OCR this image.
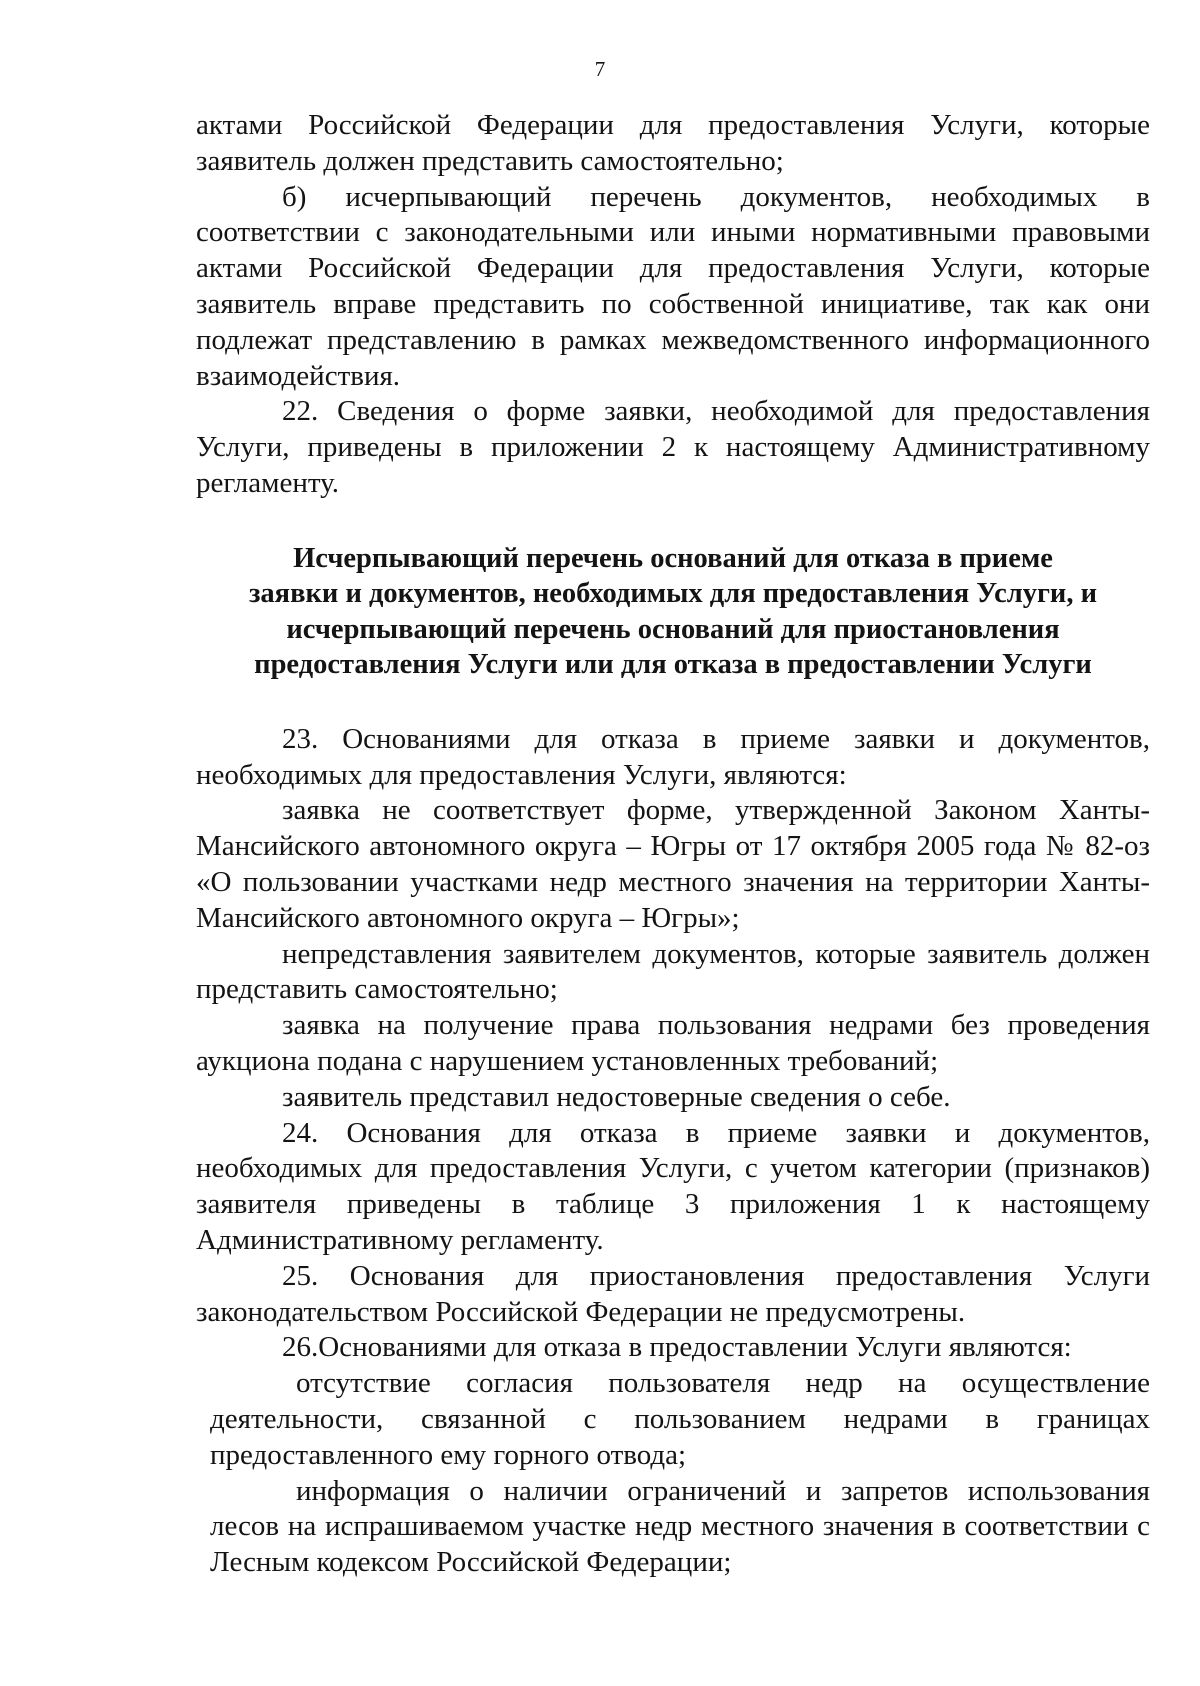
7

актами Российской Федерации для предоставления Услуги, которые заявитель должен представить самостоятельно;

б) исчерпывающий перечень документов, необходимых в соответствии с законодательными или иными нормативными правовыми актами Российской Федерации для предоставления Услуги, которые заявитель вправе представить по собственной инициативе, так как они подлежат представлению в рамках межведомственного информационного взаимодействия.

22. Сведения о форме заявки, необходимой для предоставления Услуги, приведены в приложении 2 к настоящему Административному регламенту.

Исчерпывающий перечень оснований для отказа в приеме
заявки и документов, необходимых для предоставления Услуги, и
исчерпывающий перечень оснований для приостановления
предоставления Услуги или для отказа в предоставлении Услуги

23. Основаниями для отказа в приеме заявки и документов, необходимых для предоставления Услуги, являются:

заявка не соответствует форме, утвержденной Законом Ханты-Мансийского автономного округа – Югры от 17 октября 2005 года № 82-оз «О пользовании участками недр местного значения на территории Ханты-Мансийского автономного округа – Югры»;

непредставления заявителем документов, которые заявитель должен представить самостоятельно;

заявка на получение права пользования недрами без проведения аукциона подана с нарушением установленных требований;

заявитель представил недостоверные сведения о себе.

24. Основания для отказа в приеме заявки и документов, необходимых для предоставления Услуги, с учетом категории (признаков) заявителя приведены в таблице 3 приложения 1 к настоящему Административному регламенту.

25. Основания для приостановления предоставления Услуги законодательством Российской Федерации не предусмотрены.

26.Основаниями для отказа в предоставлении Услуги являются:

отсутствие согласия пользователя недр на осуществление деятельности, связанной с пользованием недрами в границах предоставленного ему горного отвода;

информация о наличии ограничений и запретов использования лесов на испрашиваемом участке недр местного значения в соответствии с Лесным кодексом Российской Федерации;
